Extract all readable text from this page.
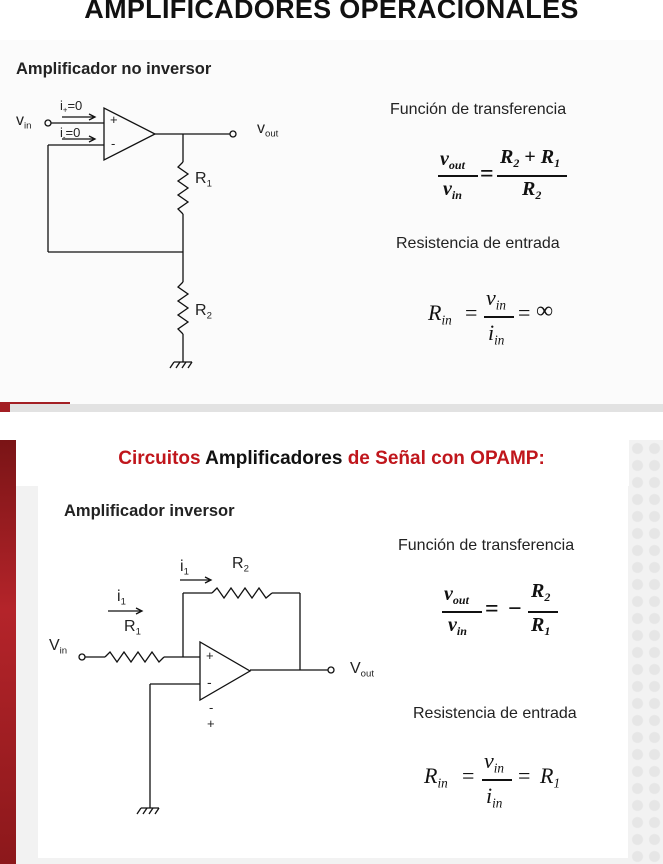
AMPLIFICADORES OPERACIONALES
Circuitos Amplificadores de Señal con OPAMP:
Amplificador no inversor
$v_{in}$
$i_+=0$
$i_-=0$
+
-
$v_{out}$
$R_1$
$R_2$
Función de transferencia
$v_{out}$
$v_{in}$
=
$R_2 + R_1$
$R_2$
Resistencia de entrada
$R_{in}$ =
$v_{in}$
$i_{in}$
= ∞
Amplificador inversor
$i_1$	$R_2$
$i_1$
$R_1$
$V_{in}$	+
-
-
+
$V_{out}$
Función de transferencia
$v_{out}$
$v_{in}$
= −
$R_2$
$R_1$
Resistencia de entrada
$R_{in}$ =
$v_{in}$
$i_{in}$
= $R_1$
